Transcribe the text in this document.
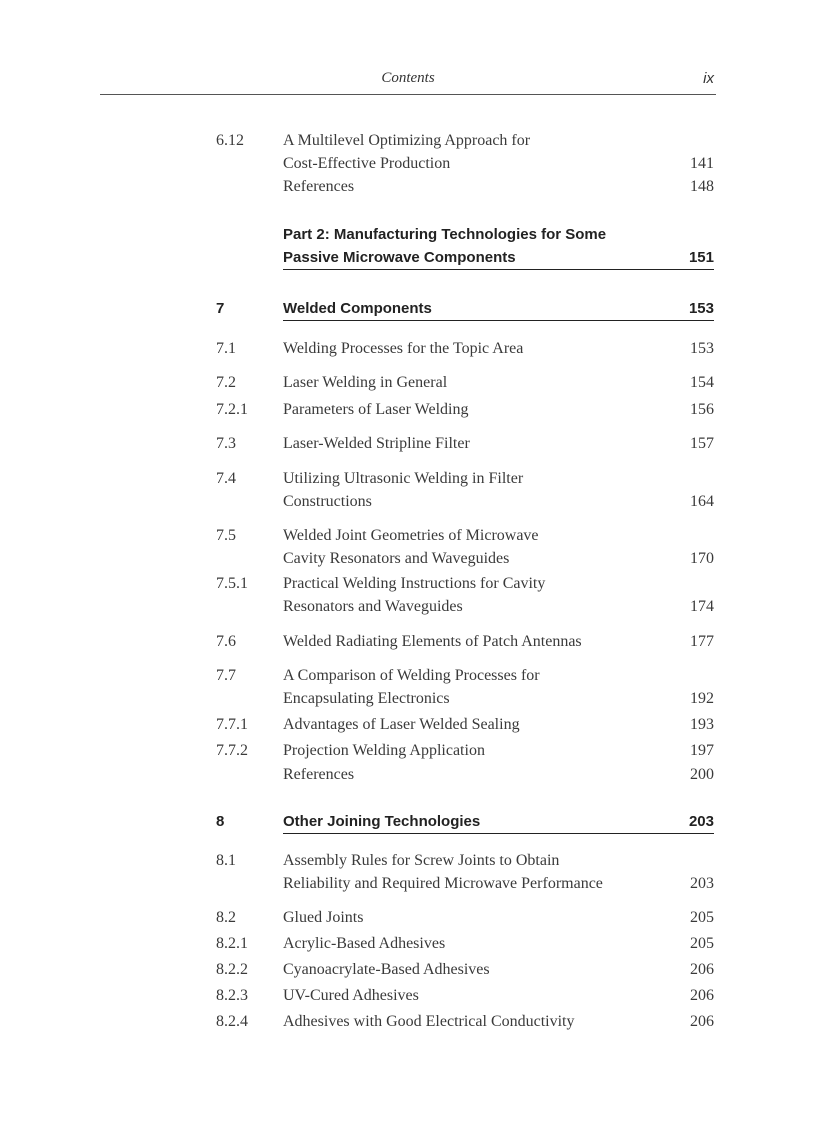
Contents	ix
6.12 A Multilevel Optimizing Approach for
Cost-Effective Production	141
References	148
Part 2: Manufacturing Technologies for Some
Passive Microwave Components	151
7	Welded Components	153
7.1	Welding Processes for the Topic Area	153
7.2	Laser Welding in General	154
7.2.1 Parameters of Laser Welding	156
7.3	Laser-Welded Stripline Filter	157
7.4	Utilizing Ultrasonic Welding in Filter
Constructions	164
7.5	Welded Joint Geometries of Microwave
Cavity Resonators and Waveguides	170
7.5.1 Practical Welding Instructions for Cavity
Resonators and Waveguides	174
7.6	Welded Radiating Elements of Patch Antennas	177
7.7	A Comparison of Welding Processes for
Encapsulating Electronics	192
7.7.1 Advantages of Laser Welded Sealing	193
7.7.2 Projection Welding Application	197
References	200
8	Other Joining Technologies	203
8.1	Assembly Rules for Screw Joints to Obtain
Reliability and Required Microwave Performance	203
8.2	Glued Joints	205
8.2.1 Acrylic-Based Adhesives	205
8.2.2 Cyanoacrylate-Based Adhesives	206
8.2.3 UV-Cured Adhesives	206
8.2.4 Adhesives with Good Electrical Conductivity	206
